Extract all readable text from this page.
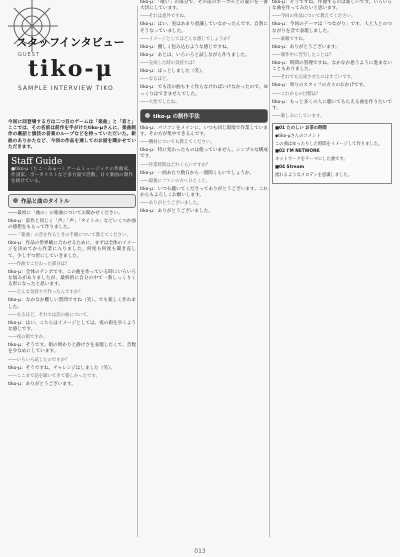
スタッフインタビュー
GUEST
tiko-μ
SAMPLE INTERVIEW TIKO

今回に回登場する方は二つ目のゲームは「楽曲」と「音と」ここでは、その名前は前作を手がけたtiko-μさんに、楽曲制作の裏話と演技の音楽のループなどを持っていただいた。新曲のありかたなど、今回の作品を通してのお話を聞かせていただきます。

Staff Guide

●tiko-μ（ちこ・みゅー）ゲームミュージックの作曲家、作詞家、ボーカリストなど多方面で活動。日々楽曲の制作を続けている。

作品と曲のタイトル

――最初に「曲の」の楽曲についてお聞かせください。

tiko-μ：前作と同じく「声」「声」「タイトル」などいくつか曲の感想をもらって作りました。

――「楽曲」の音を作るときの手順について教えてください。

tiko-μ：作品の世界観に合わせるために、まずは全体のイメージを決めてから作業に入りました。何度も何度も聞き直して、少しずつ形にしていきました。

――作曲でこだわった部分は？

tiko-μ：全体のテンポです。この曲を作っている時にいろいろな悩みがありましたが、最終的に自分の中で一番しっくりくる形になったと思います。

――どんな気持ちで作ったんですか？

tiko-μ：なかなか難しい質問ですね（笑）。でも楽しく作れました。

――なるほど。それでは次の曲について。

tiko-μ：はい、こちらはイメージとしては、夜の街を歩くような感じです。

――夜の街ですか。

tiko-μ：そうです。街の明かりと静けさを表現したくて、音数を少なめにしています。

――いろいろ試したのですか？

tiko-μ：そうですね。チャレンジはしました（笑）。

――ここまで話を聞いてきて楽しかったです。

tiko-μ：ありがとうございます。

tiko-μ：「歌い」の部分で、その前のボーカルとの違いを一番大切にしています。

――それは意外ですね。

tiko-μ：はい、実はあまり意識していなかったんです。自然にそうなっていました。

――イメージとしてはどんな感じでしょうか？

tiko-μ：優しく包み込むような感じですね。

tiko-μ：あとは、いろいろと試しながら作りました。

――完成した時の気持ちは？

tiko-μ：ほっとしました（笑）。

――なるほど。

tiko-μ：でも次の曲もすぐ作らなければいけなかったので、ゆっくりはできませんでした。

――大変でしたね。

tiko-μ の制作手法

tiko-μ：パソコンをメインに、いつも同じ環境で作業しています。その方が集中できるんです。

――機材についても教えてください。

tiko-μ：特に変わったものは使っていません。シンプルな構成です。

――作業時間はどれくらいですか？

tiko-μ：一曲あたり数日から一週間くらいでしょうか。

――最後にファンの方へひとこと。

tiko-μ：いつも聴いてくださってありがとうございます。これからもよろしくお願いします。

――ありがとうございました。

tiko-μ：ありがとうございました。

tiko-μ：そうですね。作曲するのは楽しいです。いろいろな曲を作ってみたいと思います。

――今回の作品について教えてください。

tiko-μ：今回のテーマは「つながり」です。人と人とのつながりを音で表現しました。

――素敵ですね。

tiko-μ：ありがとうございます。

――制作中に苦労したことは？

tiko-μ：時間の管理ですね。なかなか思うように進まないこともありました。

――それでも完成させたのはすごいです。

tiko-μ：周りのスタッフの方々のおかげです。

――これからの目標は？

tiko-μ：もっと多くの人に聴いてもらえる曲を作りたいです。

――楽しみにしています。

■01 たのしい お茶の時間

◆tiko-μさんのコメント

この曲はゆったりした時間をイメージして作りました。

■02 I'M NETWORK

ネットワークをテーマにした曲です。

■04 Stream

流れるようなメロディを意識しました。

013
